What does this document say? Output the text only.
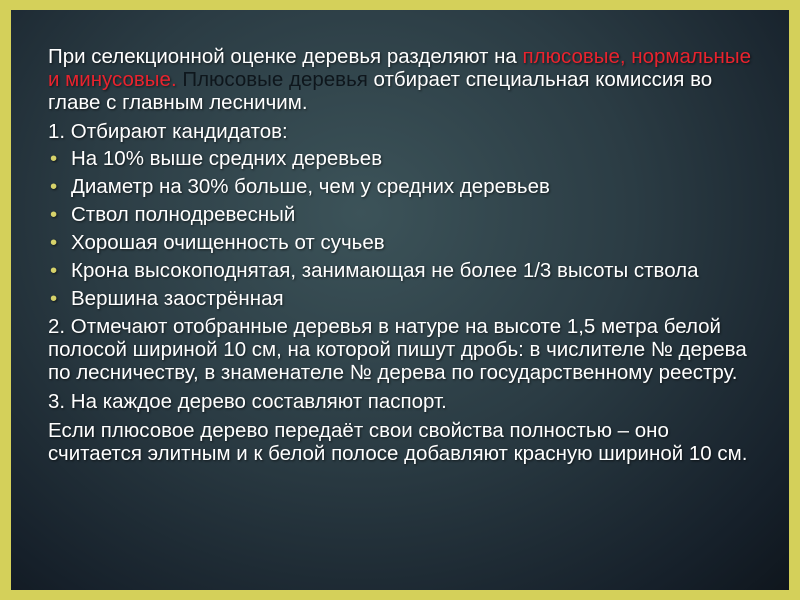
При селекционной оценке деревья разделяют на плюсовые, нормальные и минусовые. Плюсовые деревья отбирает специальная комиссия во главе с главным лесничим.

1. Отбирают кандидатов:

• На 10% выше средних деревьев
• Диаметр на 30% больше, чем у средних деревьев
• Ствол полнодревесный
• Хорошая очищенность от сучьев
• Крона высокоподнятая, занимающая не более 1/3 высоты ствола
• Вершина заострённая

2. Отмечают отобранные деревья в натуре на высоте 1,5 метра белой полосой шириной 10 см, на которой пишут дробь: в числителе № дерева по лесничеству, в знаменателе № дерева по государственному реестру.

3. На каждое дерево составляют паспорт.

Если плюсовое дерево передаёт свои свойства полностью – оно считается элитным и к белой полосе добавляют красную шириной 10 см.
